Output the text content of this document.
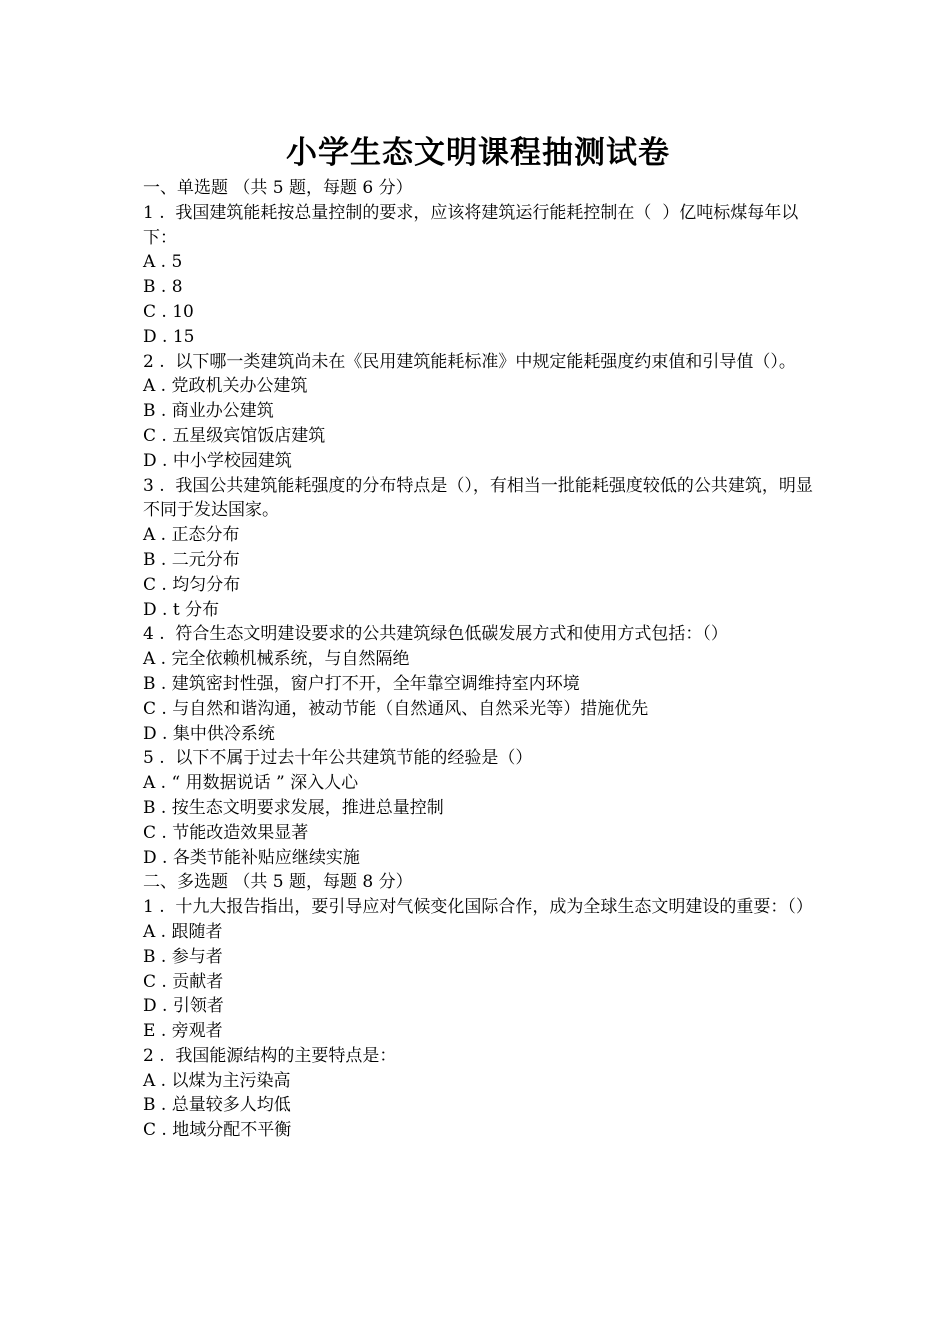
小学生态文明课程抽测试卷

一、单选题 （共 5 题，每题 6 分）

1 .  我国建筑能耗按总量控制的要求，应该将建筑运行能耗控制在（  ）亿吨标煤每年以下：

A . 5

B . 8

C . 10

D . 15

2 .  以下哪一类建筑尚未在《民用建筑能耗标准》中规定能耗强度约束值和引导值（）。

A . 党政机关办公建筑

B . 商业办公建筑

C . 五星级宾馆饭店建筑

D . 中小学校园建筑

3 .  我国公共建筑能耗强度的分布特点是（），有相当一批能耗强度较低的公共建筑，明显不同于发达国家。

A . 正态分布

B . 二元分布

C . 均匀分布

D . t 分布

4 .  符合生态文明建设要求的公共建筑绿色低碳发展方式和使用方式包括：（）

A . 完全依赖机械系统，与自然隔绝

B . 建筑密封性强，窗户打不开，全年靠空调维持室内环境

C . 与自然和谐沟通，被动节能（自然通风、自然采光等）措施优先

D . 集中供冷系统

5 .  以下不属于过去十年公共建筑节能的经验是（）

A . “ 用数据说话 ” 深入人心

B . 按生态文明要求发展，推进总量控制

C . 节能改造效果显著

D . 各类节能补贴应继续实施

二、多选题 （共 5 题，每题 8 分）

1 .  十九大报告指出，要引导应对气候变化国际合作，成为全球生态文明建设的重要：（）

A . 跟随者

B . 参与者

C . 贡献者

D . 引领者

E . 旁观者

2 .  我国能源结构的主要特点是：

A . 以煤为主污染高

B . 总量较多人均低

C . 地域分配不平衡
